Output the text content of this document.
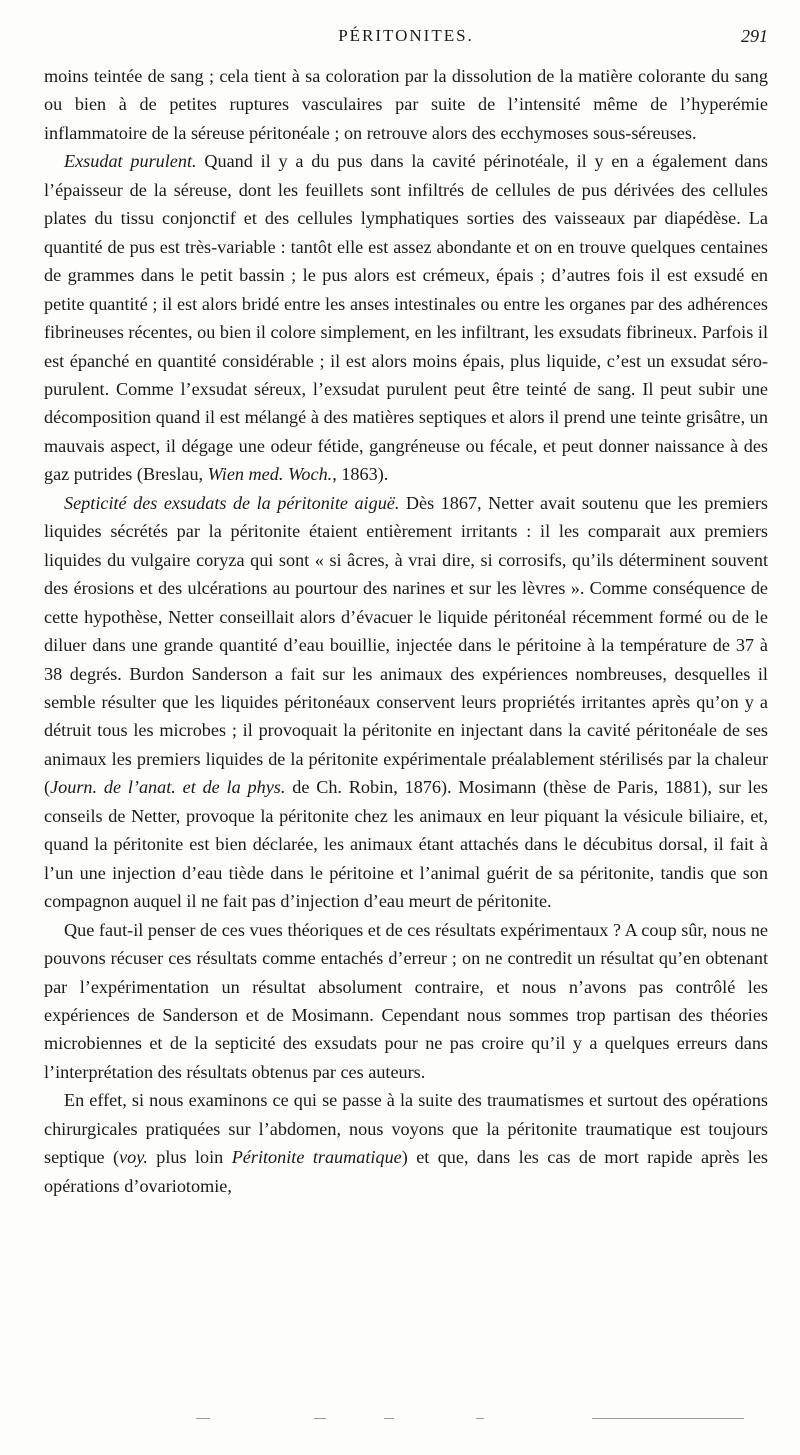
PÉRITONITES.	291

moins teintée de sang ; cela tient à sa coloration par la dissolution de la matière colorante du sang ou bien à de petites ruptures vasculaires par suite de l’intensité même de l’hyperémie inflammatoire de la séreuse péritonéale ; on retrouve alors des ecchymoses sous-séreuses.

Exsudat purulent. Quand il y a du pus dans la cavité périnotéale, il y en a également dans l’épaisseur de la séreuse, dont les feuillets sont infiltrés de cellules de pus dérivées des cellules plates du tissu conjonctif et des cellules lymphatiques sorties des vaisseaux par diapédèse. La quantité de pus est très-variable : tantôt elle est assez abondante et on en trouve quelques centaines de grammes dans le petit bassin ; le pus alors est crémeux, épais ; d’autres fois il est exsudé en petite quantité ; il est alors bridé entre les anses intestinales ou entre les organes par des adhérences fibrineuses récentes, ou bien il colore simplement, en les infiltrant, les exsudats fibrineux. Parfois il est épanché en quantité considérable ; il est alors moins épais, plus liquide, c’est un exsudat séro-purulent. Comme l’exsudat séreux, l’exsudat purulent peut être teinté de sang. Il peut subir une décomposition quand il est mélangé à des matières septiques et alors il prend une teinte grisâtre, un mauvais aspect, il dégage une odeur fétide, gangréneuse ou fécale, et peut donner naissance à des gaz putrides (Breslau, Wien med. Woch., 1863).

Septicité des exsudats de la péritonite aiguë. Dès 1867, Netter avait soutenu que les premiers liquides sécrétés par la péritonite étaient entièrement irritants : il les comparait aux premiers liquides du vulgaire coryza qui sont « si âcres, à vrai dire, si corrosifs, qu’ils déterminent souvent des érosions et des ulcérations au pourtour des narines et sur les lèvres ». Comme conséquence de cette hypothèse, Netter conseillait alors d’évacuer le liquide péritonéal récemment formé ou de le diluer dans une grande quantité d’eau bouillie, injectée dans le péritoine à la température de 37 à 38 degrés. Burdon Sanderson a fait sur les animaux des expériences nombreuses, desquelles il semble résulter que les liquides péritonéaux conservent leurs propriétés irritantes après qu’on y a détruit tous les microbes ; il provoquait la péritonite en injectant dans la cavité péritonéale de ses animaux les premiers liquides de la péritonite expérimentale préalablement stérilisés par la chaleur (Journ. de l’anat. et de la phys. de Ch. Robin, 1876). Mosimann (thèse de Paris, 1881), sur les conseils de Netter, provoque la péritonite chez les animaux en leur piquant la vésicule biliaire, et, quand la péritonite est bien déclarée, les animaux étant attachés dans le décubitus dorsal, il fait à l’un une injection d’eau tiède dans le péritoine et l’animal guérit de sa péritonite, tandis que son compagnon auquel il ne fait pas d’injection d’eau meurt de péritonite.

Que faut-il penser de ces vues théoriques et de ces résultats expérimentaux ? A coup sûr, nous ne pouvons récuser ces résultats comme entachés d’erreur ; on ne contredit un résultat qu’en obtenant par l’expérimentation un résultat absolument contraire, et nous n’avons pas contrôlé les expériences de Sanderson et de Mosimann. Cependant nous sommes trop partisan des théories microbiennes et de la septicité des exsudats pour ne pas croire qu’il y a quelques erreurs dans l’interprétation des résultats obtenus par ces auteurs.

En effet, si nous examinons ce qui se passe à la suite des traumatismes et surtout des opérations chirurgicales pratiquées sur l’abdomen, nous voyons que la péritonite traumatique est toujours septique (voy. plus loin Péritonite traumatique) et que, dans les cas de mort rapide après les opérations d’ovariotomie,
